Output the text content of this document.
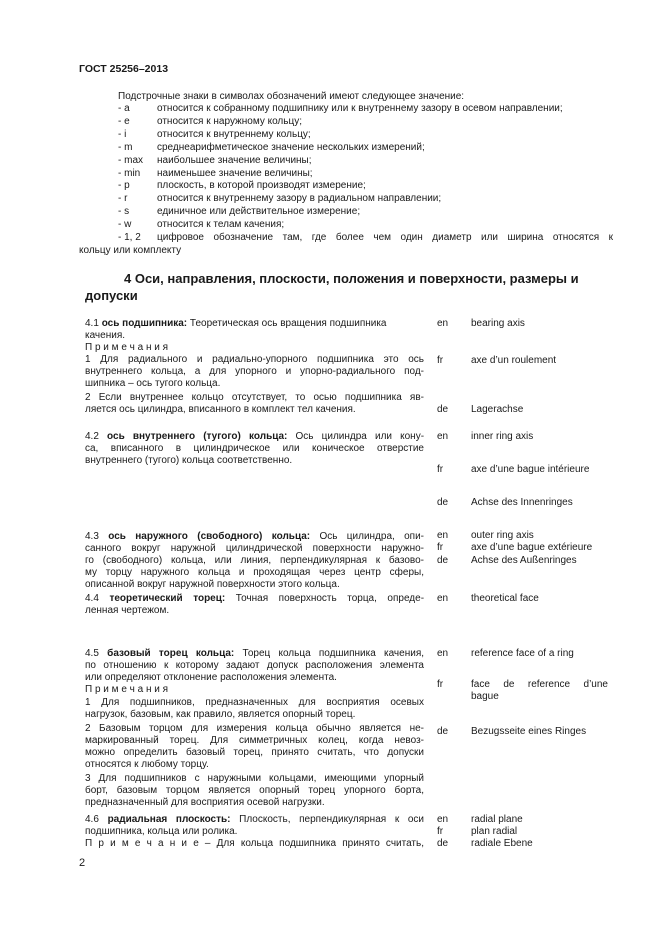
ГОСТ 25256–2013
Подстрочные знаки в символах обозначений имеют следующее значение:
- a	относится к собранному подшипнику или к внутреннему зазору в осевом направлении;
- e	относится к наружному кольцу;
- i	относится к внутреннему кольцу;
- m среднеарифметическое значение нескольких измерений;
- max наибольшее значение величины;
- min наименьшее значение величины;
- p	плоскость, в которой производят измерение;
- r	относится к внутреннему зазору в радиальном направлении;
- s	единичное или действительное измерение;
- w	относится к телам качения;
- 1, 2 цифровое обозначение там, где более чем один диаметр или ширина относятся к
кольцу или комплекту
4 Оси, направления, плоскости, положения и поверхности, размеры и
допуски
4.1 ось подшипника: Теоретическая ось вращения подшипника
качения.
П р и м е ч а н и я
1 Для радиального и радиально-упорного подшипника это ось
внутреннего кольца, а для упорного и упорно-радиального под-
шипника – ось тугого кольца.
2 Если внутреннее кольцо отсутствует, то осью подшипника яв-
ляется ось цилиндра, вписанного в комплект тел качения.
en bearing axis
fr	axe d’un roulement
de Lagerachse
4.2 ось внутреннего (тугого) кольца: Ось цилиндра или кону-
са, вписанного в цилиндрическое или коническое отверстие
внутреннего (тугого) кольца соответственно.
en inner ring axis
fr	axe d’une bague intérieure
de Achse des Innenringes
4.3 ось наружного (свободного) кольца: Ось цилиндра, опи-
санного вокруг наружной цилиндрической поверхности наружно-
го (свободного) кольца, или линия, перпендикулярная к базово-
му торцу наружного кольца и проходящая через центр сферы,
описанной вокруг наружной поверхности этого кольца.
en outer ring axis
fr	axe d’une bague extérieure
de Achse des Außenringes
4.4 теоретический торец: Точная поверхность торца, опреде-
ленная чертежом.
en theoretical face
4.5 базовый торец кольца: Торец кольца подшипника качения,
по отношению к которому задают допуск расположения элемента
или определяют отклонение расположения элемента.
П р и м е ч а н и я
1 Для подшипников, предназначенных для восприятия осевых
нагрузок, базовым, как правило, является опорный торец.
2 Базовым торцом для измерения кольца обычно является не-
маркированный торец. Для симметричных колец, когда невоз-
можно определить базовый торец, принято считать, что допуски
относятся к любому торцу.
3 Для подшипников с наружными кольцами, имеющими упорный
борт, базовым торцом является опорный торец упорного борта,
предназначенный для восприятия осевой нагрузки.
en reference face of a ring
fr	face de reference d’une
bague
de Bezugsseite eines Ringes
4.6 радиальная плоскость: Плоскость, перпендикулярная к оси
подшипника, кольца или ролика.
П р и м е ч а н и е – Для кольца подшипника принято считать,
en radial plane
fr	plan radial
de radiale Ebene
2
